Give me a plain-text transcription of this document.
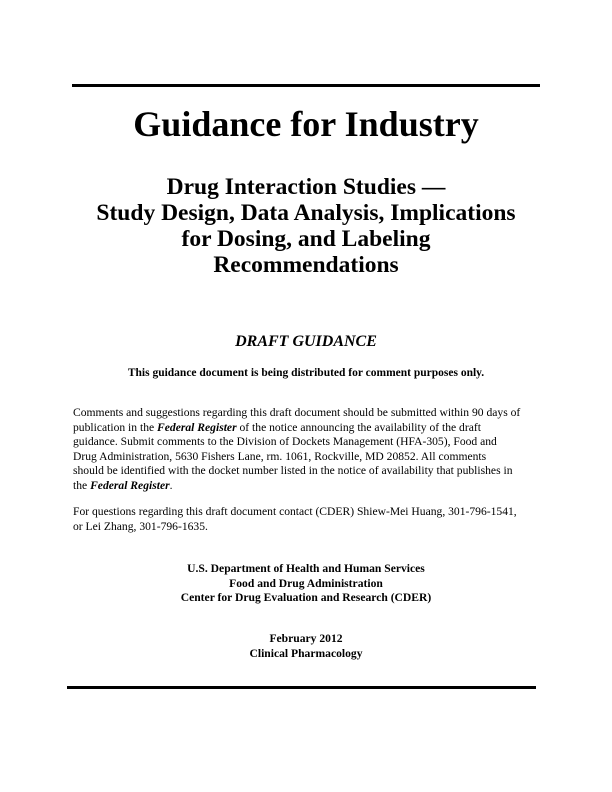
Guidance for Industry
Drug Interaction Studies —
Study Design, Data Analysis, Implications
for Dosing, and Labeling
Recommendations
DRAFT GUIDANCE
This guidance document is being distributed for comment purposes only.

Comments and suggestions regarding this draft document should be submitted within 90 days of
publication in the Federal Register of the notice announcing the availability of the draft
guidance. Submit comments to the Division of Dockets Management (HFA-305), Food and
Drug Administration, 5630 Fishers Lane, rm. 1061, Rockville, MD 20852. All comments
should be identified with the docket number listed in the notice of availability that publishes in
the Federal Register.

For questions regarding this draft document contact (CDER) Shiew-Mei Huang, 301-796-1541,
or Lei Zhang, 301-796-1635.

U.S. Department of Health and Human Services
Food and Drug Administration
Center for Drug Evaluation and Research (CDER)
February 2012
Clinical Pharmacology
